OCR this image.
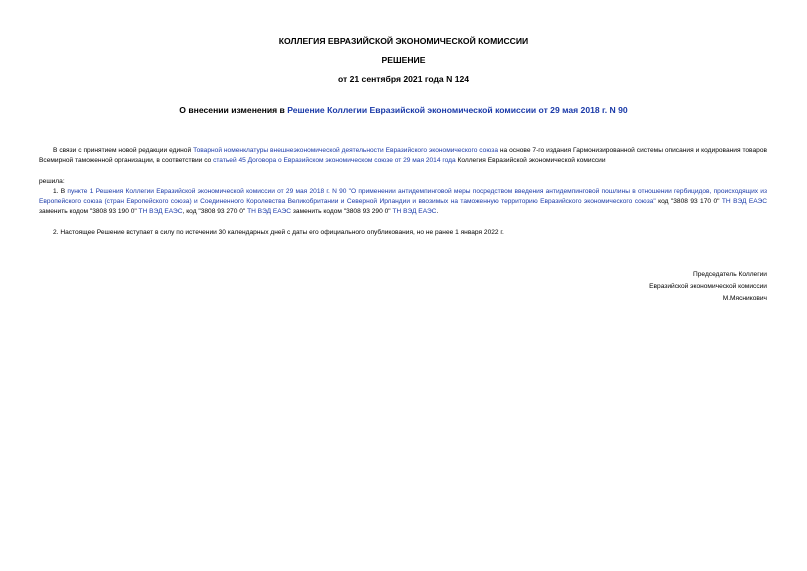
КОЛЛЕГИЯ ЕВРАЗИЙСКОЙ ЭКОНОМИЧЕСКОЙ КОМИССИИ
РЕШЕНИЕ
от 21 сентября 2021 года N 124
О внесении изменения в Решение Коллегии Евразийской экономической комиссии от 29 мая 2018 г. N 90
В связи с принятием новой редакции единой Товарной номенклатуры внешнеэкономической деятельности Евразийского экономического союза на основе 7-го издания Гармонизированной системы описания и кодирования товаров Всемирной таможенной организации, в соответствии со статьей 45 Договора о Евразийском экономическом союзе от 29 мая 2014 года Коллегия Евразийской экономической комиссии
решила:
1. В пункте 1 Решения Коллегии Евразийской экономической комиссии от 29 мая 2018 г. N 90 "О применении антидемпинговой меры посредством введения антидемпинговой пошлины в отношении гербицидов, происходящих из Европейского союза (стран Европейского союза) и Соединенного Королевства Великобритании и Северной Ирландии и ввозимых на таможенную территорию Евразийского экономического союза" код "3808 93 170 0" ТН ВЭД ЕАЭС заменить кодом "3808 93 190 0" ТН ВЭД ЕАЭС, код "3808 93 270 0" ТН ВЭД ЕАЭС заменить кодом "3808 93 290 0" ТН ВЭД ЕАЭС.
2. Настоящее Решение вступает в силу по истечении 30 календарных дней с даты его официального опубликования, но не ранее 1 января 2022 г.
Председатель Коллегии
Евразийской экономической комиссии
М.Мясникович
